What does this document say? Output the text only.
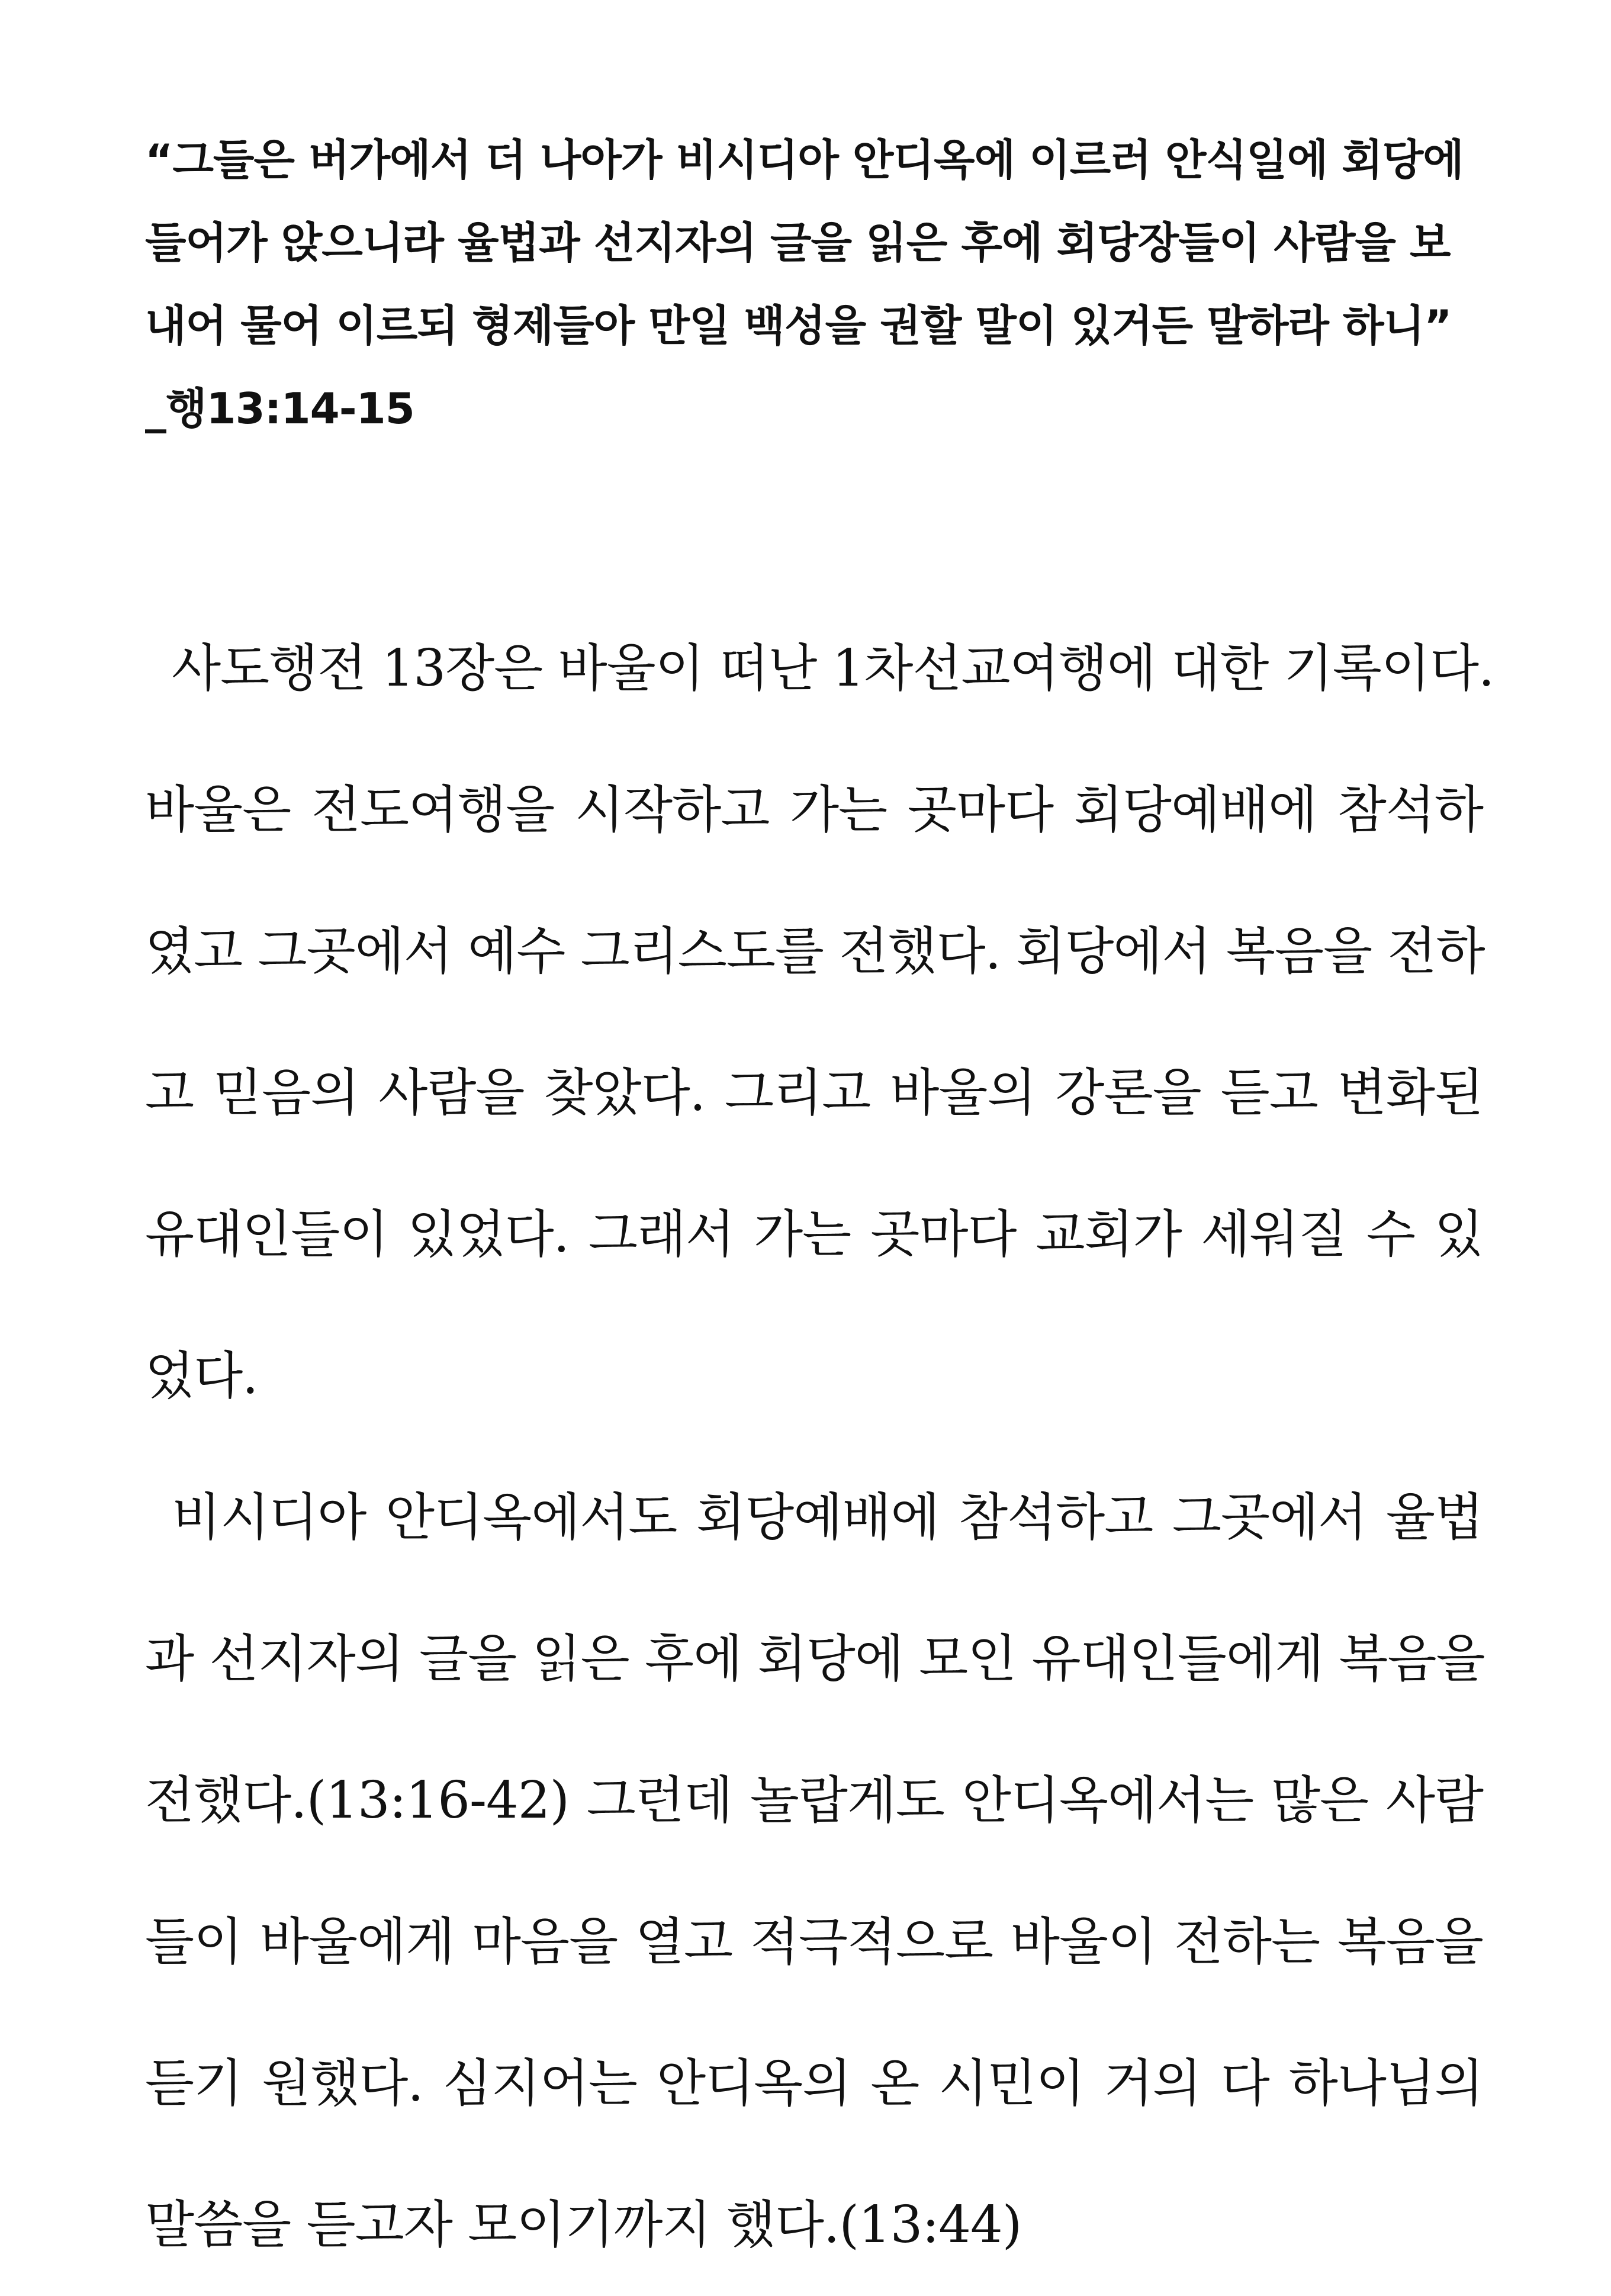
“그들은 버가에서 더 나아가 비시디아 안디옥에 이르러 안식일에 회당에
들어가 앉으니라 율법과 선지자의 글을 읽은 후에 회당장들이 사람을 보
내어 물어 이르되 형제들아 만일 백성을 권할 말이 있거든 말하라 하니”
_행13:14-15
사도행전 13장은 바울이 떠난 1차선교여행에 대한 기록이다.
바울은 전도여행을 시작하고 가는 곳마다 회당예배에 참석하
였고 그곳에서 예수 그리스도를 전했다. 회당에서 복음을 전하
고 믿음의 사람을 찾았다. 그리고 바울의 강론을 듣고 변화된
유대인들이 있었다. 그래서 가는 곳마다 교회가 세워질 수 있
었다.
비시디아 안디옥에서도 회당예배에 참석하고 그곳에서 율법
과 선지자의 글을 읽은 후에 회당에 모인 유대인들에게 복음을
전했다.(13:16-42) 그런데 놀랍게도 안디옥에서는 많은 사람
들이 바울에게 마음을 열고 적극적으로 바울이 전하는 복음을
듣기 원했다. 심지어는 안디옥의 온 시민이 거의 다 하나님의
말씀을 듣고자 모이기까지 했다.(13:44)
